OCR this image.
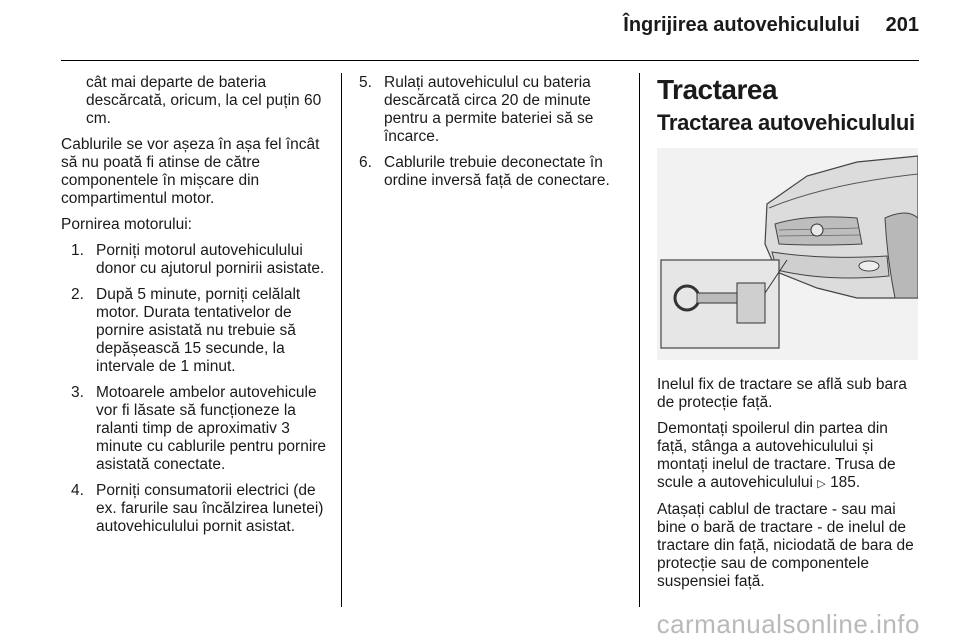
Îngrijirea autovehiculului 201

cât mai departe de bateria descărcată, oricum, la cel puțin 60 cm.

Cablurile se vor așeza în așa fel încât să nu poată fi atinse de către componentele în mișcare din compartimentul motor.

Pornirea motorului:

1. Porniți motorul autovehiculului donor cu ajutorul pornirii asistate.
2. După 5 minute, porniți celălalt motor. Durata tentativelor de pornire asistată nu trebuie să depășească 15 secunde, la intervale de 1 minut.
3. Motoarele ambelor autovehicule vor fi lăsate să funcționeze la ralanti timp de aproximativ 3 minute cu cablurile pentru pornire asistată conectate.
4. Porniți consumatorii electrici (de ex. farurile sau încălzirea lunetei) autovehiculului pornit asistat.
5. Rulați autovehiculul cu bateria descărcată circa 20 de minute pentru a permite bateriei să se încarce.
6. Cablurile trebuie deconectate în ordine inversă față de conectare.
Tractarea
Tractarea autovehiculului

Inelul fix de tractare se află sub bara de protecție față.

Demontați spoilerul din partea din față, stânga a autovehiculului și montați inelul de tractare. Trusa de scule a autovehiculului ▷ 185.

Atașați cablul de tractare - sau mai bine o bară de tractare - de inelul de tractare din față, niciodată de bara de protecție sau de componentele suspensiei față.

carmanualsonline.info
